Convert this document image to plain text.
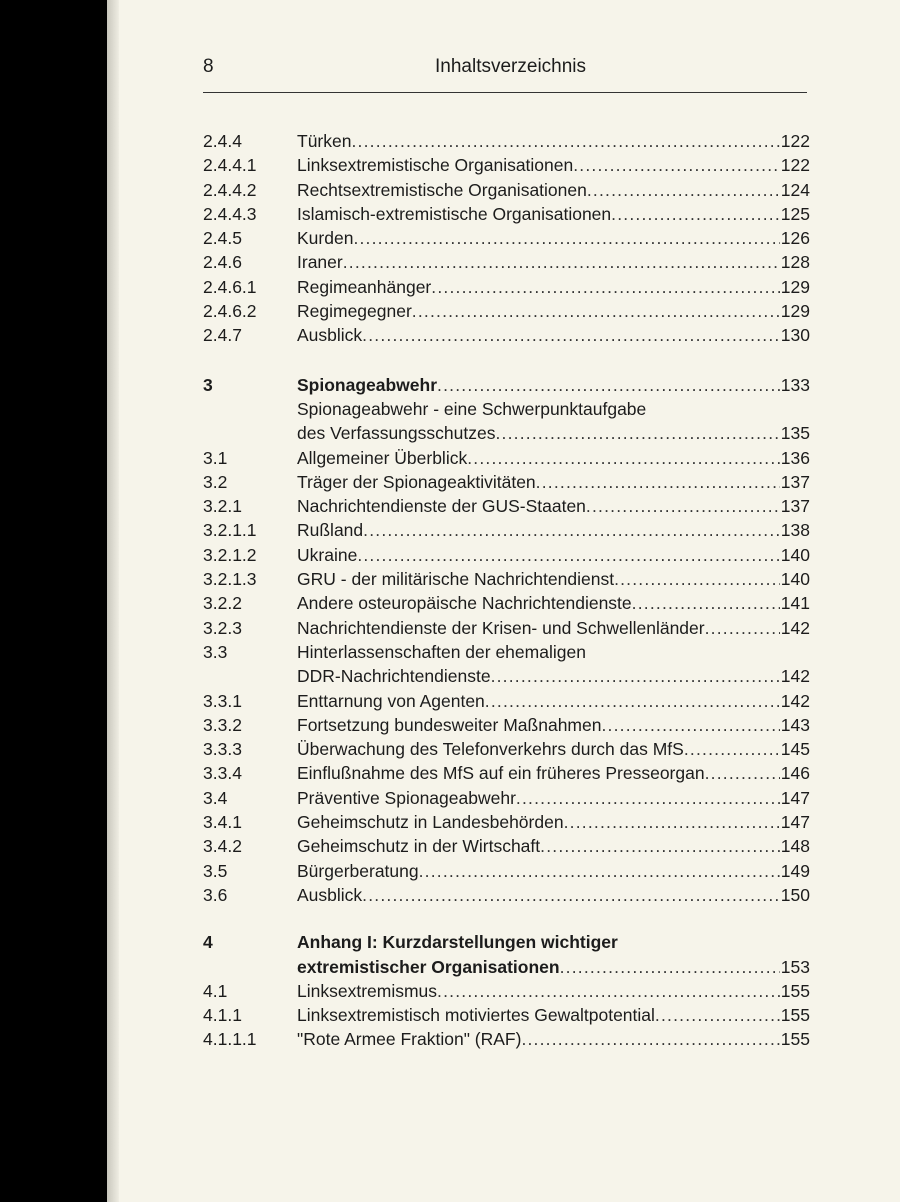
8	Inhaltsverzeichnis
2.4.4	Türken .....	122
2.4.4.1 Linksextremistische Organisationen .....	122
2.4.4.2 Rechtsextremistische Organisationen .....	124
2.4.4.3 Islamisch-extremistische Organisationen .....	125
2.4.5	Kurden .....	126
2.4.6	Iraner .....	128
2.4.6.1 Regimeanhänger .....	129
2.4.6.2 Regimegegner .....	129
2.4.7	Ausblick .....	130
3	Spionageabwehr .....	133
Spionageabwehr - eine Schwerpunktaufgabe
des Verfassungsschutzes .....	135
3.1	Allgemeiner Überblick .....	136
3.2	Träger der Spionageaktivitäten .....	137
3.2.1	Nachrichtendienste der GUS-Staaten .....	137
3.2.1.1 Rußland .....	138
3.2.1.2 Ukraine .....	140
3.2.1.3 GRU - der militärische Nachrichtendienst .....	140
3.2.2	Andere osteuropäische Nachrichtendienste .....	141
3.2.3	Nachrichtendienste der Krisen- und Schwellenländer .....	142
3.3	Hinterlassenschaften der ehemaligen
DDR-Nachrichtendienste .....	142
3.3.1	Enttarnung von Agenten .....	142
3.3.2	Fortsetzung bundesweiter Maßnahmen .....	143
3.3.3	Überwachung des Telefonverkehrs durch das MfS .....	145
3.3.4	Einflußnahme des MfS auf ein früheres Presseorgan .....	146
3.4	Präventive Spionageabwehr .....	147
3.4.1	Geheimschutz in Landesbehörden .....	147
3.4.2	Geheimschutz in der Wirtschaft .....	148
3.5	Bürgerberatung .....	149
3.6	Ausblick .....	150
4	Anhang I: Kurzdarstellungen wichtiger
extremistischer Organisationen .....	153
4.1	Linksextremismus .....	155
4.1.1	Linksextremistisch motiviertes Gewaltpotential .....	155
4.1.1.1 "Rote Armee Fraktion" (RAF) .....	155
